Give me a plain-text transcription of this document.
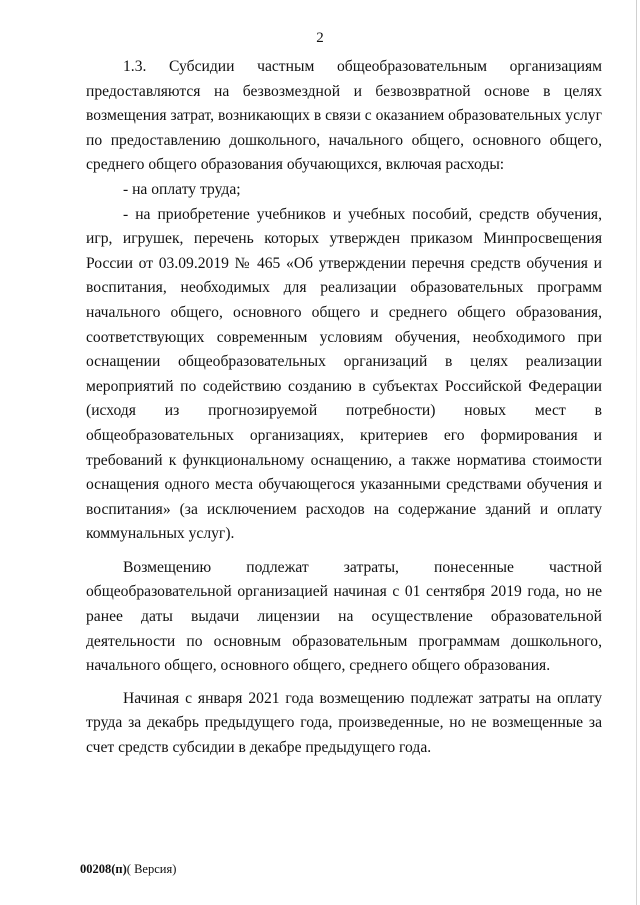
2

1.3. Субсидии частным общеобразовательным организациям предоставляются на безвозмездной и безвозвратной основе в целях возмещения затрат, возникающих в связи с оказанием образовательных услуг по предоставлению дошкольного, начального общего, основного общего, среднего общего образования обучающихся, включая расходы:

- на оплату труда;

- на приобретение учебников и учебных пособий, средств обучения, игр, игрушек, перечень которых утвержден приказом Минпросвещения России от 03.09.2019 № 465 «Об утверждении перечня средств обучения и воспитания, необходимых для реализации образовательных программ начального общего, основного общего и среднего общего образования, соответствующих современным условиям обучения, необходимого при оснащении общеобразовательных организаций в целях реализации мероприятий по содействию созданию в субъектах Российской Федерации (исходя из прогнозируемой потребности) новых мест в общеобразовательных организациях, критериев его формирования и требований к функциональному оснащению, а также норматива стоимости оснащения одного места обучающегося указанными средствами обучения и воспитания» (за исключением расходов на содержание зданий и оплату коммунальных услуг).

Возмещению подлежат затраты, понесенные частной общеобразовательной организацией начиная с 01 сентября 2019 года, но не ранее даты выдачи лицензии на осуществление образовательной деятельности по основным образовательным программам дошкольного, начального общего, основного общего, среднего общего образования.

Начиная с января 2021 года возмещению подлежат затраты на оплату труда за декабрь предыдущего года, произведенные, но не возмещенные за счет средств субсидии в декабре предыдущего года.

00208(п)( Версия)
